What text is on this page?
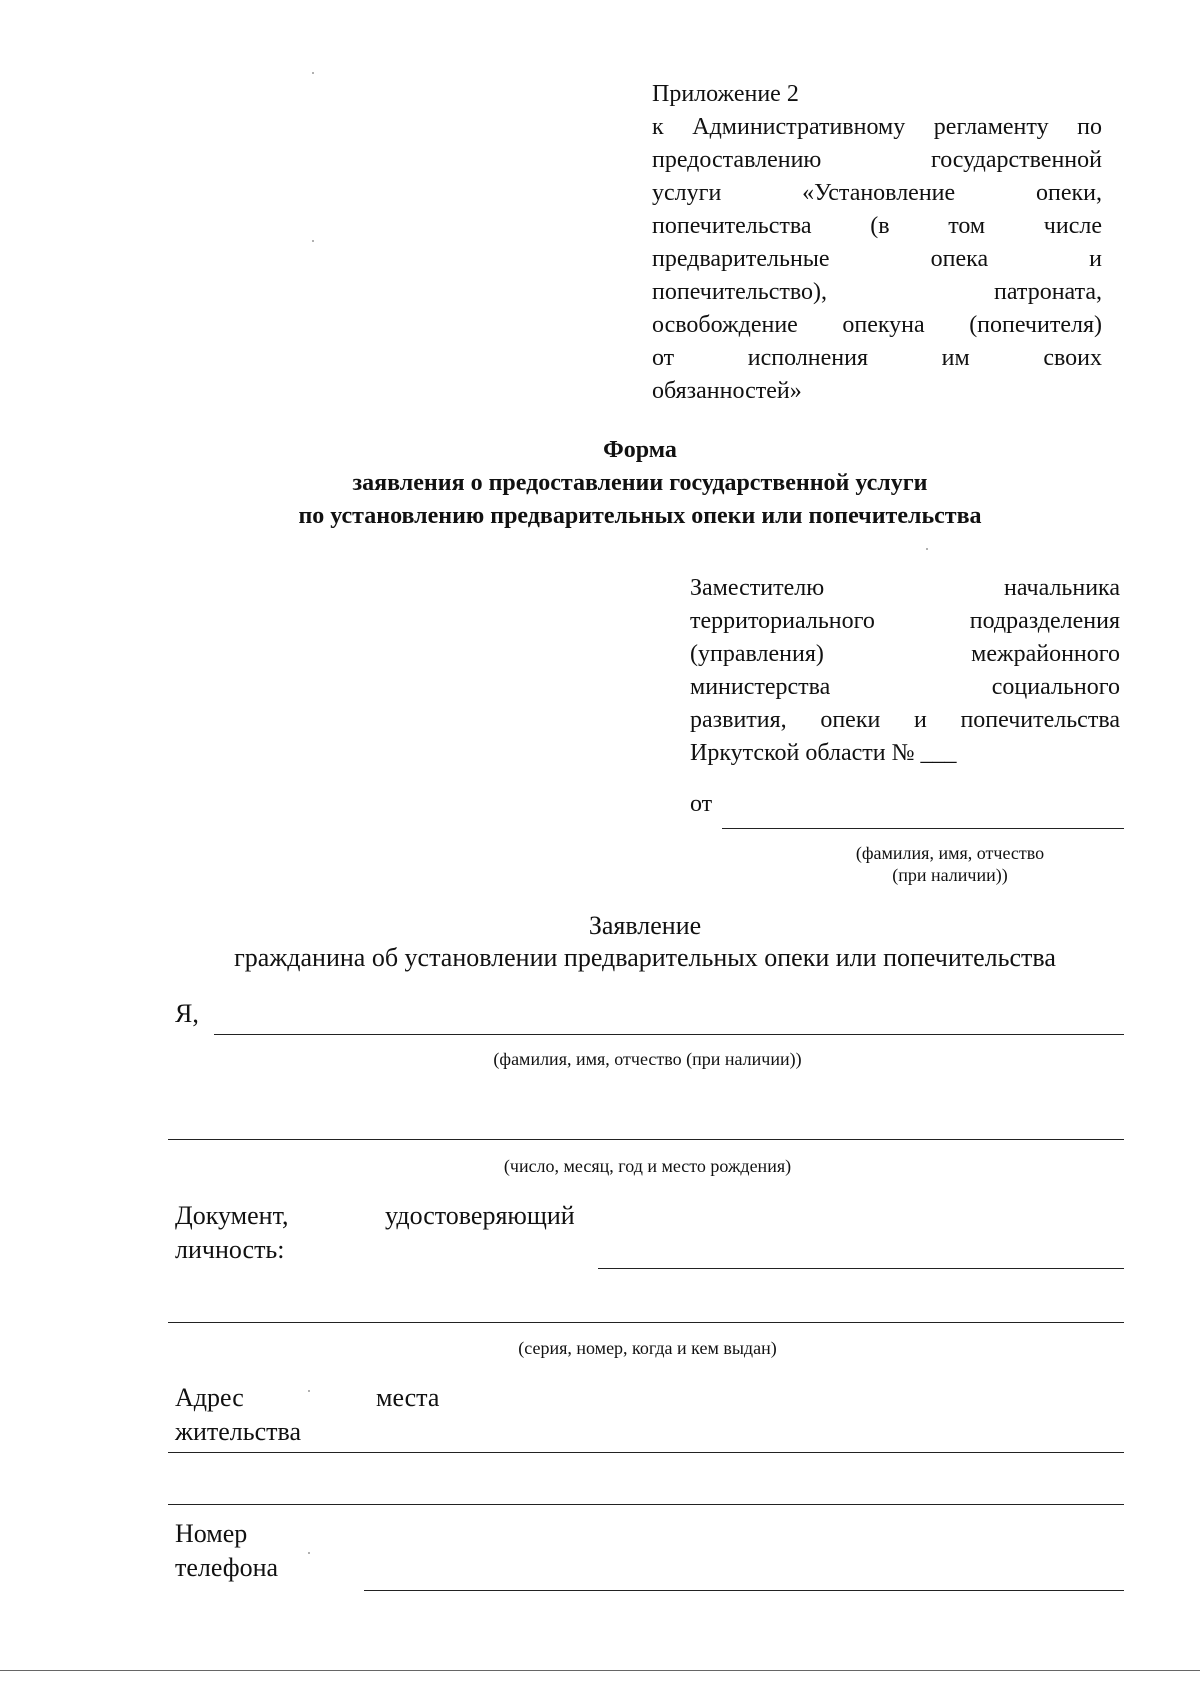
Приложение 2
к Административному регламенту по
предоставлению государственной
услуги «Установление опеки,
попечительства (в том числе
предварительные опека и
попечительство), патроната,
освобождение опекуна (попечителя)
от исполнения им своих
обязанностей»
Форма
заявления о предоставлении государственной услуги
по установлению предварительных опеки или попечительства
Заместителю начальника
территориального подразделения
(управления) межрайонного
министерства социального
развития, опеки и попечительства
Иркутской области № ___
от
(фамилия, имя, отчество
(при наличии))
Заявление
гражданина об установлении предварительных опеки или попечительства
Я,
(фамилия, имя, отчество (при наличии))
(число, месяц, год и место рождения)
Документ,	удостоверяющий
личность:
(серия, номер, когда и кем выдан)
Адрес	места
жительства
Номер
телефона
